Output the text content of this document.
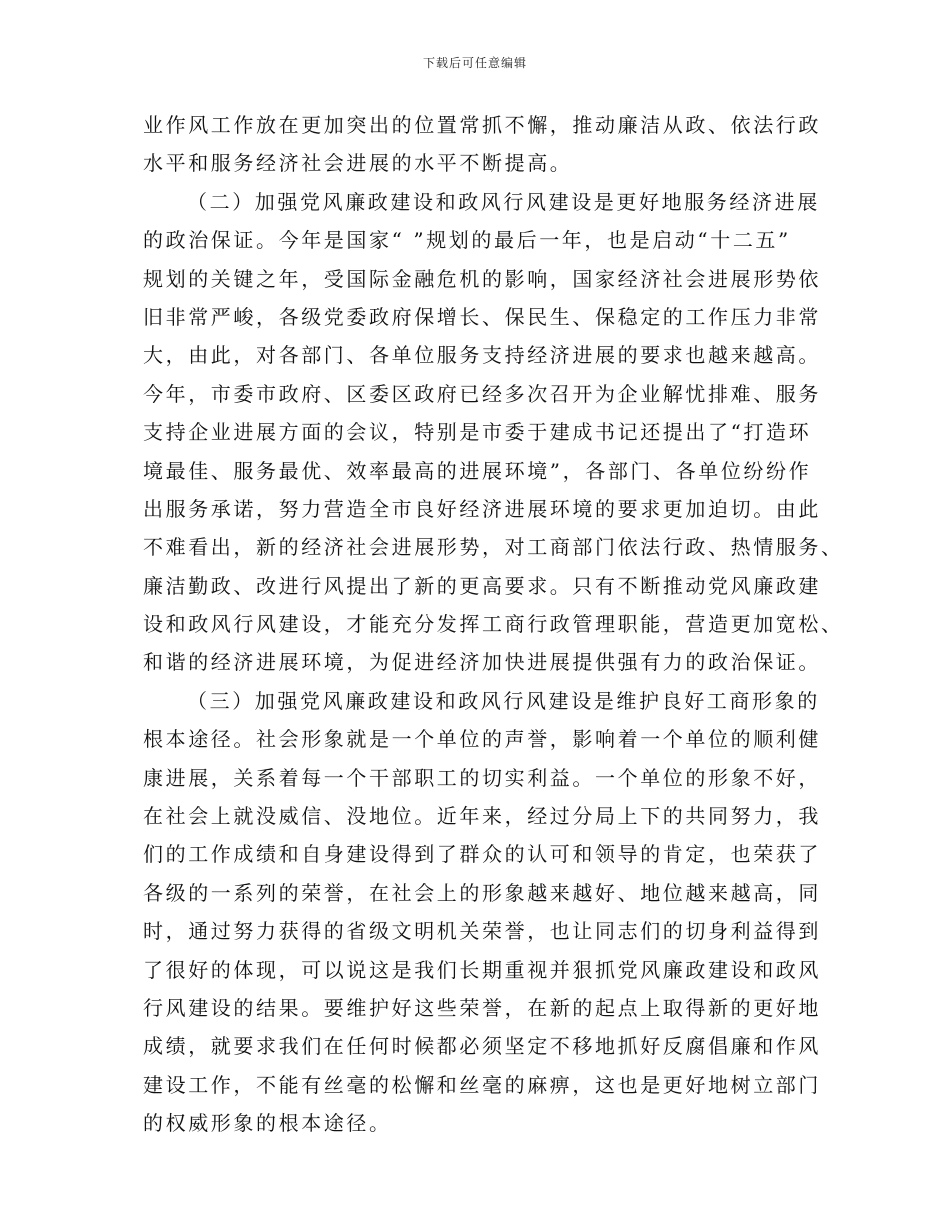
下载后可任意编辑
业作风工作放在更加突出的位置常抓不懈，推动廉洁从政、依法行政
水平和服务经济社会进展的水平不断提高。
（二）加强党风廉政建设和政风行风建设是更好地服务经济进展
的政治保证。今年是国家“ ”规划的最后一年，也是启动“十二五”
规划的关键之年，受国际金融危机的影响，国家经济社会进展形势依
旧非常严峻，各级党委政府保增长、保民生、保稳定的工作压力非常
大，由此，对各部门、各单位服务支持经济进展的要求也越来越高。
今年，市委市政府、区委区政府已经多次召开为企业解忧排难、服务
支持企业进展方面的会议，特别是市委于建成书记还提出了“打造环
境最佳、服务最优、效率最高的进展环境”，各部门、各单位纷纷作
出服务承诺，努力营造全市良好经济进展环境的要求更加迫切。由此
不难看出，新的经济社会进展形势，对工商部门依法行政、热情服务、
廉洁勤政、改进行风提出了新的更高要求。只有不断推动党风廉政建
设和政风行风建设，才能充分发挥工商行政管理职能，营造更加宽松、
和谐的经济进展环境，为促进经济加快进展提供强有力的政治保证。
（三）加强党风廉政建设和政风行风建设是维护良好工商形象的
根本途径。社会形象就是一个单位的声誉，影响着一个单位的顺利健
康进展，关系着每一个干部职工的切实利益。一个单位的形象不好，
在社会上就没威信、没地位。近年来，经过分局上下的共同努力，我
们的工作成绩和自身建设得到了群众的认可和领导的肯定，也荣获了
各级的一系列的荣誉，在社会上的形象越来越好、地位越来越高，同
时，通过努力获得的省级文明机关荣誉，也让同志们的切身利益得到
了很好的体现，可以说这是我们长期重视并狠抓党风廉政建设和政风
行风建设的结果。要维护好这些荣誉，在新的起点上取得新的更好地
成绩，就要求我们在任何时候都必须坚定不移地抓好反腐倡廉和作风
建设工作，不能有丝毫的松懈和丝毫的麻痹，这也是更好地树立部门
的权威形象的根本途径。
